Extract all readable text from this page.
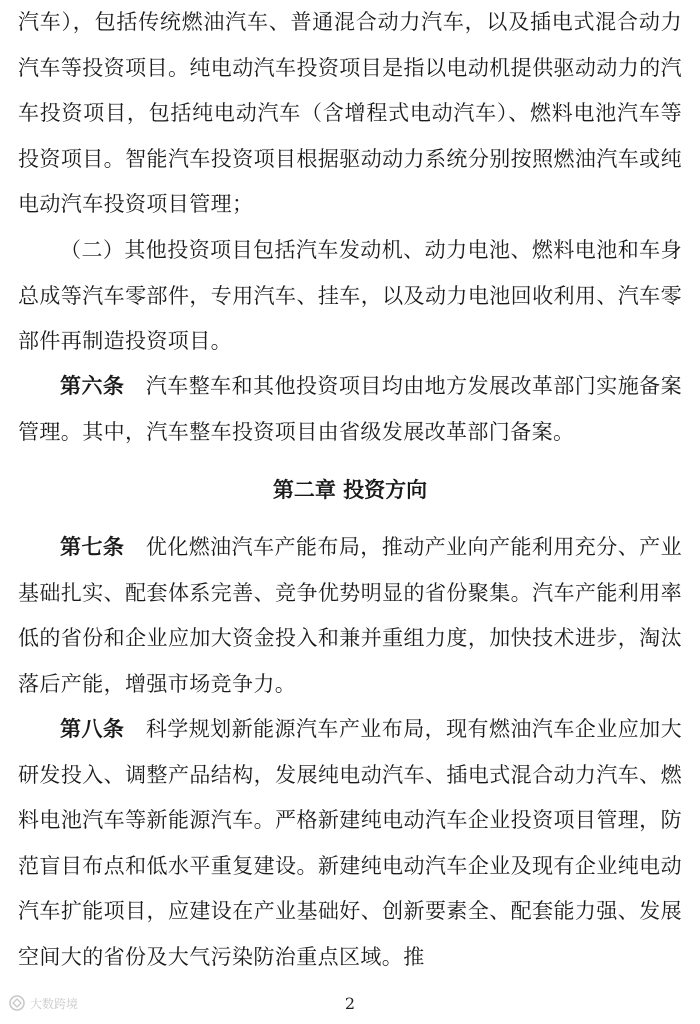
汽车），包括传统燃油汽车、普通混合动力汽车，以及插电式混合动力汽车等投资项目。纯电动汽车投资项目是指以电动机提供驱动动力的汽车投资项目，包括纯电动汽车（含增程式电动汽车）、燃料电池汽车等投资项目。智能汽车投资项目根据驱动动力系统分别按照燃油汽车或纯电动汽车投资项目管理；

（二）其他投资项目包括汽车发动机、动力电池、燃料电池和车身总成等汽车零部件，专用汽车、挂车，以及动力电池回收利用、汽车零部件再制造投资项目。

第六条  汽车整车和其他投资项目均由地方发展改革部门实施备案管理。其中，汽车整车投资项目由省级发展改革部门备案。

第二章 投资方向

第七条  优化燃油汽车产能布局，推动产业向产能利用充分、产业基础扎实、配套体系完善、竞争优势明显的省份聚集。汽车产能利用率低的省份和企业应加大资金投入和兼并重组力度，加快技术进步，淘汰落后产能，增强市场竞争力。

第八条  科学规划新能源汽车产业布局，现有燃油汽车企业应加大研发投入、调整产品结构，发展纯电动汽车、插电式混合动力汽车、燃料电池汽车等新能源汽车。严格新建纯电动汽车企业投资项目管理，防范盲目布点和低水平重复建设。新建纯电动汽车企业及现有企业纯电动汽车扩能项目，应建设在产业基础好、创新要素全、配套能力强、发展空间大的省份及大气污染防治重点区域。推

大数跨境	2
